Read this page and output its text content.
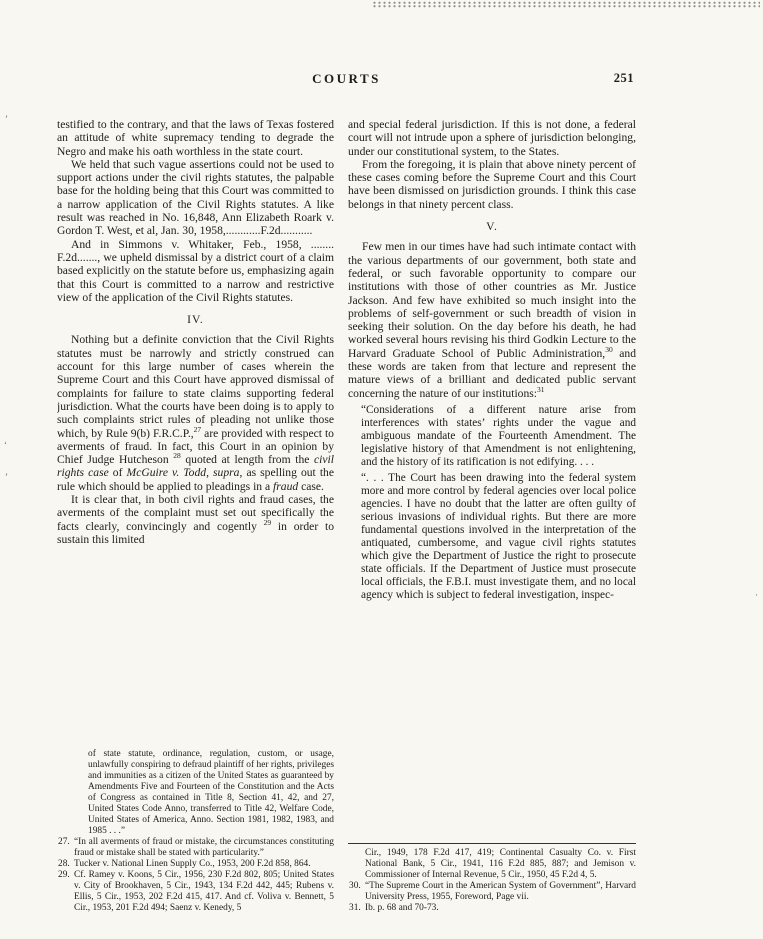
’
‘
’
·
COURTS	251

testified to the contrary, and that the laws of Texas fostered an attitude of white supremacy tending to degrade the Negro and make his oath worthless in the state court.

We held that such vague assertions could not be used to support actions under the civil rights statutes, the palpable base for the holding being that this Court was committed to a narrow application of the Civil Rights statutes. A like result was reached in No. 16,848, Ann Elizabeth Roark v. Gordon T. West, et al, Jan. 30, 1958,............F.2d...........

And in Simmons v. Whitaker, Feb., 1958, ........ F.2d......., we upheld dismissal by a district court of a claim based explicitly on the statute before us, emphasizing again that this Court is committed to a narrow and restrictive view of the application of the Civil Rights statutes.

IV.

Nothing but a definite conviction that the Civil Rights statutes must be narrowly and strictly construed can account for this large number of cases wherein the Supreme Court and this Court have approved dismissal of complaints for failure to state claims supporting federal jurisdiction. What the courts have been doing is to apply to such complaints strict rules of pleading not unlike those which, by Rule 9(b) F.R.C.P.,$^{27}$ are provided with respect to averments of fraud. In fact, this Court in an opinion by Chief Judge Hutcheson $^{28}$ quoted at length from the civil rights case of McGuire v. Todd, supra, as spelling out the rule which should be applied to pleadings in a fraud case.

It is clear that, in both civil rights and fraud cases, the averments of the complaint must set out specifically the facts clearly, convincingly and cogently $^{29}$ in order to sustain this limited

of state statute, ordinance, regulation, custom, or usage, unlawfully conspiring to defraud plaintiff of her rights, privileges and immunities as a citizen of the United States as guaranteed by Amendments Five and Fourteen of the Constitution and the Acts of Congress as contained in Title 8, Section 41, 42, and 27, United States Code Anno, transferred to Title 42, Welfare Code, United States of America, Anno. Section 1981, 1982, 1983, and 1985 . . .”

27. “In all averments of fraud or mistake, the circumstances constituting fraud or mistake shall be stated with particularity.”

28. Tucker v. National Linen Supply Co., 1953, 200 F.2d 858, 864.

29. Cf. Ramey v. Koons, 5 Cir., 1956, 230 F.2d 802, 805; United States v. City of Brookhaven, 5 Cir., 1943, 134 F.2d 442, 445; Rubens v. Ellis, 5 Cir., 1953, 202 F.2d 415, 417. And cf. Voliva v. Bennett, 5 Cir., 1953, 201 F.2d 494; Saenz v. Kenedy, 5

and special federal jurisdiction. If this is not done, a federal court will not intrude upon a sphere of jurisdiction belonging, under our constitutional system, to the States.

From the foregoing, it is plain that above ninety percent of these cases coming before the Supreme Court and this Court have been dismissed on jurisdiction grounds. I think this case belongs in that ninety percent class.

V.

Few men in our times have had such intimate contact with the various departments of our government, both state and federal, or such favorable opportunity to compare our institutions with those of other countries as Mr. Justice Jackson. And few have exhibited so much insight into the problems of self-government or such breadth of vision in seeking their solution. On the day before his death, he had worked several hours revising his third Godkin Lecture to the Harvard Graduate School of Public Administration,$^{30}$ and these words are taken from that lecture and represent the mature views of a brilliant and dedicated public servant concerning the nature of our institutions:$^{31}$

“Considerations of a different nature arise from interferences with states’ rights under the vague and ambiguous mandate of the Fourteenth Amendment. The legislative history of that Amendment is not enlightening, and the history of its ratification is not edifying. . . .

“. . . The Court has been drawing into the federal system more and more control by federal agencies over local police agencies. I have no doubt that the latter are often guilty of serious invasions of individual rights. But there are more fundamental questions involved in the interpretation of the antiquated, cumbersome, and vague civil rights statutes which give the Department of Justice the right to prosecute state officials. If the Department of Justice must prosecute local officials, the F.B.I. must investigate them, and no local agency which is subject to federal investigation, inspec-

Cir., 1949, 178 F.2d 417, 419; Continental Casualty Co. v. First National Bank, 5 Cir., 1941, 116 F.2d 885, 887; and Jemison v. Commissioner of Internal Revenue, 5 Cir., 1950, 45 F.2d 4, 5.

30. “The Supreme Court in the American System of Government”, Harvard University Press, 1955, Foreword, Page vii.

31. Ib. p. 68 and 70-73.
